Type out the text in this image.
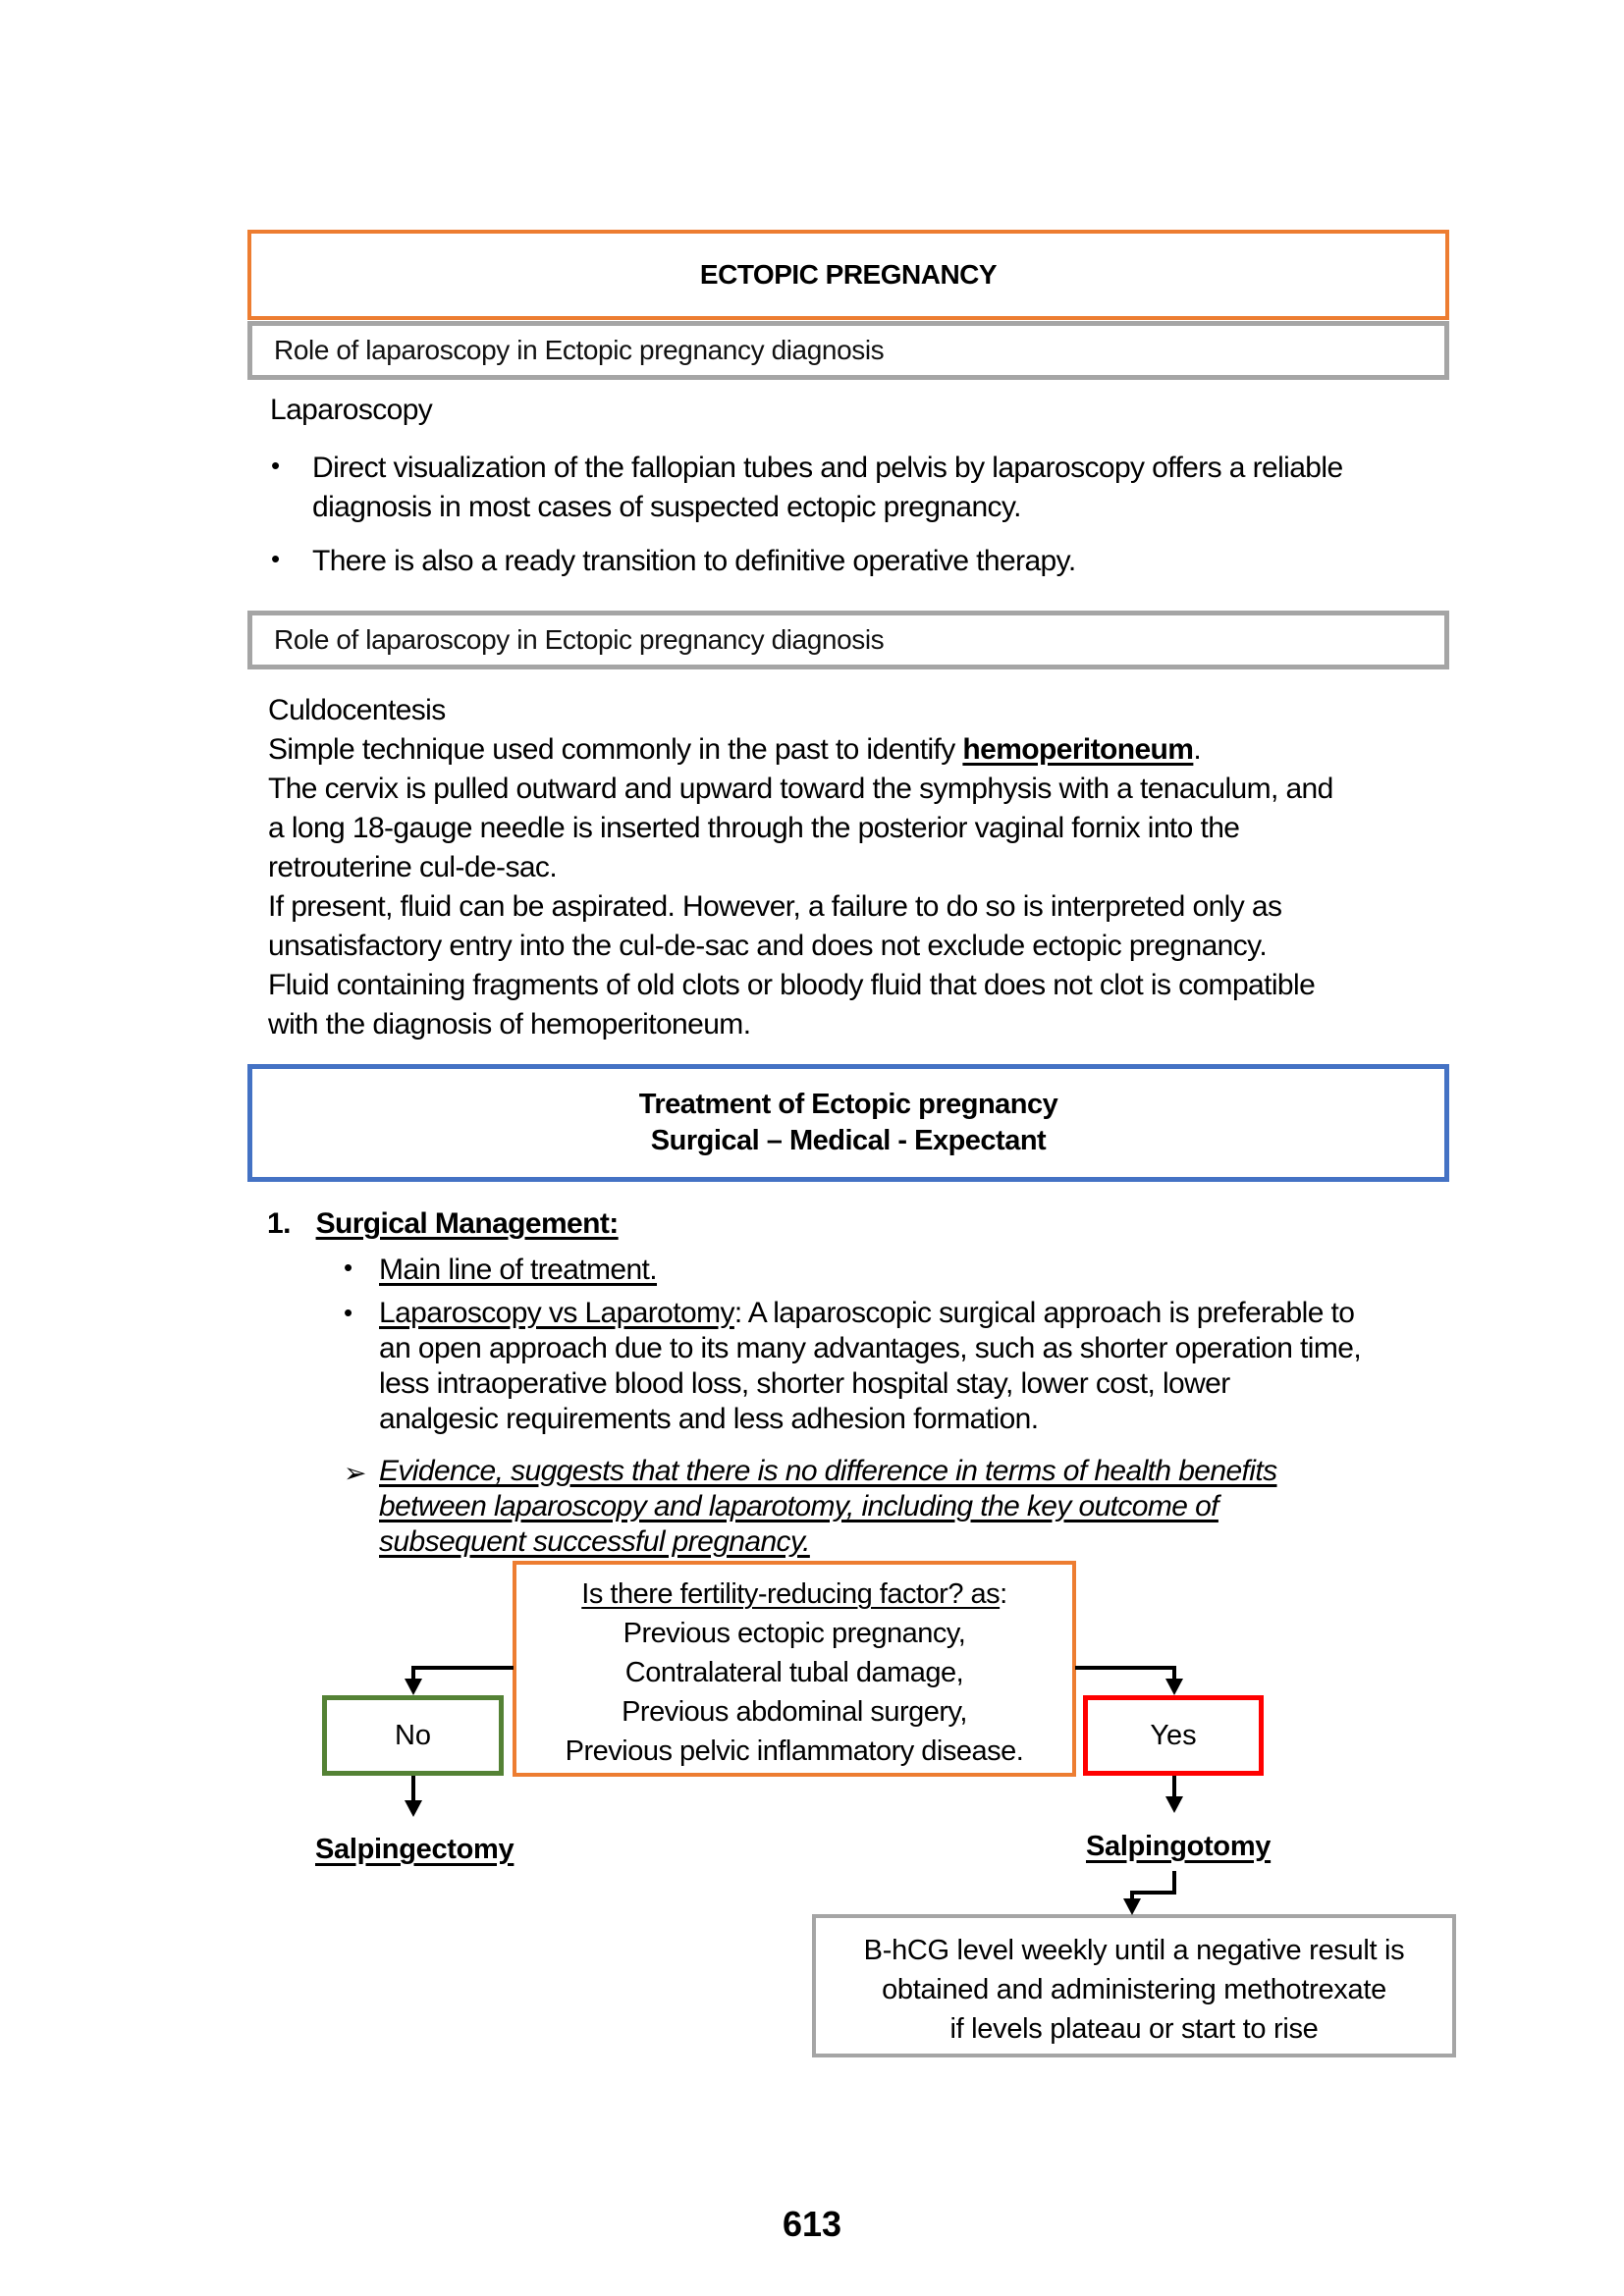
ECTOPIC PREGNANCY
Role of laparoscopy in Ectopic pregnancy diagnosis
Laparoscopy
• Direct visualization of the fallopian tubes and pelvis by laparoscopy offers a reliable
diagnosis in most cases of suspected ectopic pregnancy.
• There is also a ready transition to definitive operative therapy.
Role of laparoscopy in Ectopic pregnancy diagnosis
Culdocentesis
Simple technique used commonly in the past to identify hemoperitoneum.
The cervix is pulled outward and upward toward the symphysis with a tenaculum, and
a long 18-gauge needle is inserted through the posterior vaginal fornix into the
retrouterine cul-de-sac.
If present, fluid can be aspirated. However, a failure to do so is interpreted only as
unsatisfactory entry into the cul-de-sac and does not exclude ectopic pregnancy.
Fluid containing fragments of old clots or bloody fluid that does not clot is compatible
with the diagnosis of hemoperitoneum.
Treatment of Ectopic pregnancy
Surgical – Medical - Expectant
1. Surgical Management:
• Main line of treatment.
• Laparoscopy vs Laparotomy: A laparoscopic surgical approach is preferable to
an open approach due to its many advantages, such as shorter operation time,
less intraoperative blood loss, shorter hospital stay, lower cost, lower
analgesic requirements and less adhesion formation.
➢ Evidence, suggests that there is no difference in terms of health benefits
between laparoscopy and laparotomy, including the key outcome of
subsequent successful pregnancy.
Is there fertility-reducing factor? as:
Previous ectopic pregnancy,
Contralateral tubal damage,
Previous abdominal surgery,
Previous pelvic inflammatory disease.
No	Yes
Salpingectomy	Salpingotomy
B-hCG level weekly until a negative result is
obtained and administering methotrexate
if levels plateau or start to rise
613
